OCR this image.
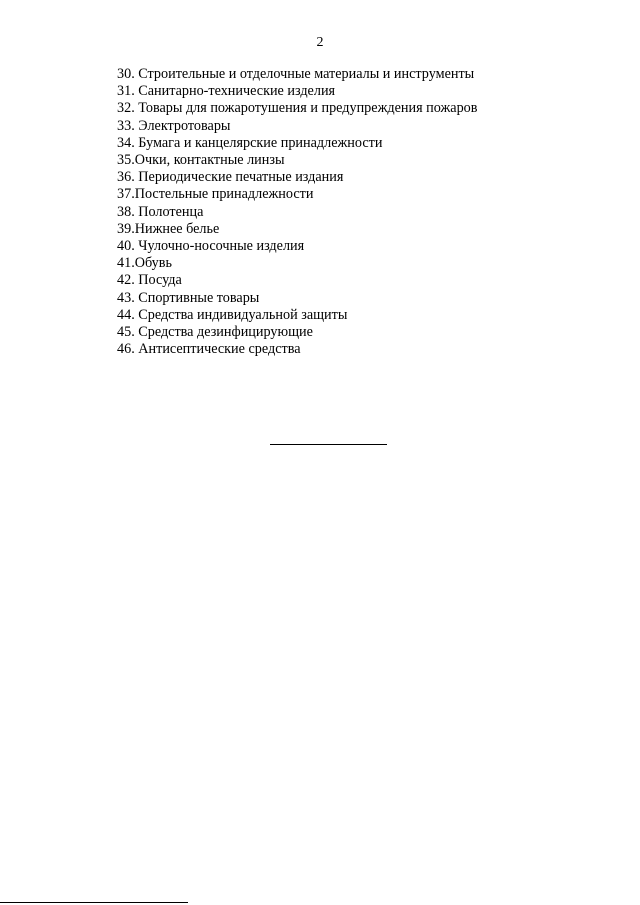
2
30. Строительные и отделочные материалы и инструменты
31. Санитарно-технические изделия
32. Товары для пожаротушения и предупреждения пожаров
33. Электротовары
34. Бумага и канцелярские принадлежности
35.Очки, контактные линзы
36. Периодические печатные издания
37.Постельные принадлежности
38. Полотенца
39.Нижнее белье
40. Чулочно-носочные изделия
41.Обувь
42. Посуда
43. Спортивные товары
44. Средства индивидуальной защиты
45. Средства дезинфицирующие
46. Антисептические средства
